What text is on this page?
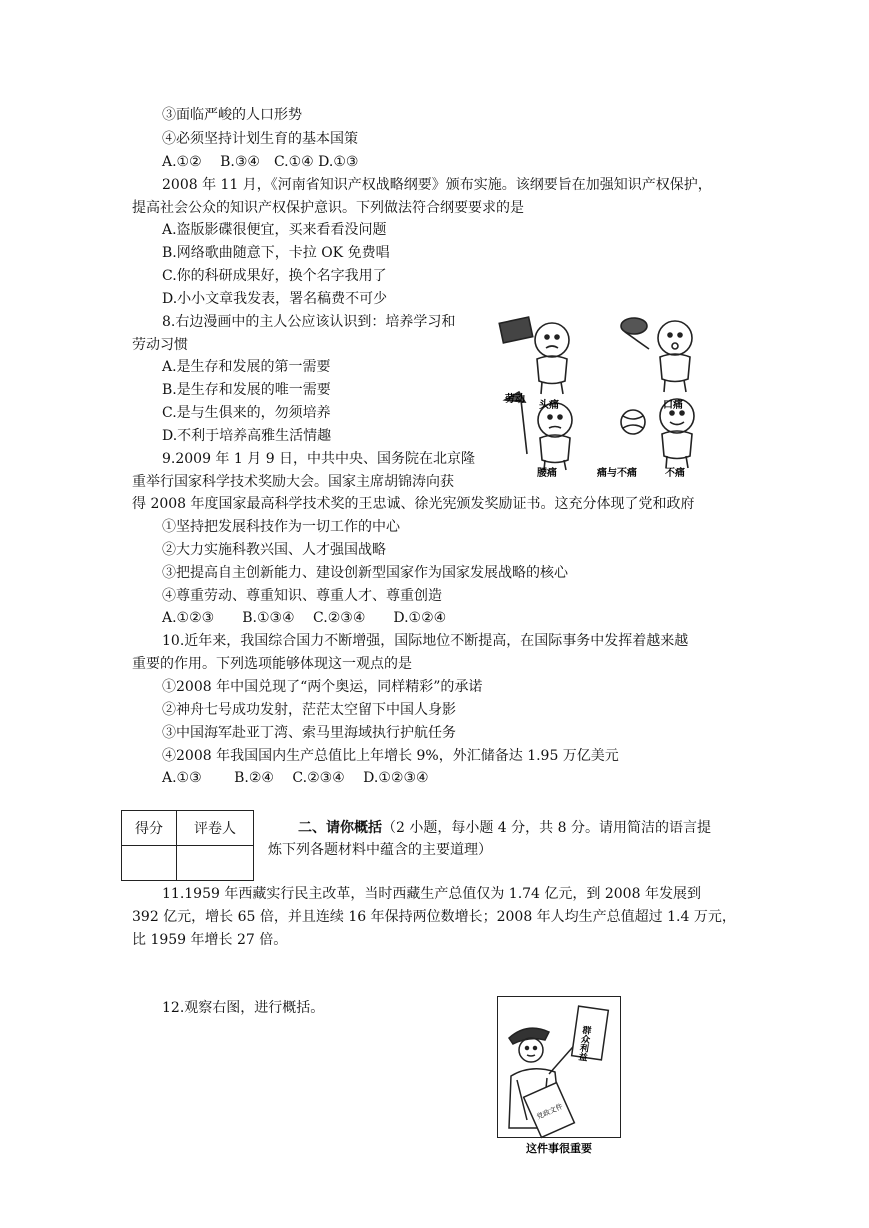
③面临严峻的人口形势
④必须坚持计划生育的基本国策
A.①②　 B.③④　C.①④ D.①③
2008 年 11 月，《河南省知识产权战略纲要》颁布实施。该纲要旨在加强知识产权保护，
提高社会公众的知识产权保护意识。下列做法符合纲要要求的是
A.盗版影碟很便宜，买来看看没问题
B.网络歌曲随意下，卡拉 OK 免费唱
C.你的科研成果好，换个名字我用了
D.小小文章我发表，署名稿费不可少
8.右边漫画中的主人公应该认识到：培养学习和
劳动习惯
A.是生存和发展的第一需要
B.是生存和发展的唯一需要
C.是与生俱来的，勿须培养
D.不利于培养高雅生活情趣
劳动
头痛	口痛
腰痛	痛与不痛	不痛
9.2009 年 1 月 9 日，中共中央、国务院在北京隆
重举行国家科学技术奖励大会。国家主席胡锦涛向获
得 2008 年度国家最高科学技术奖的王忠诚、徐光宪颁发奖励证书。这充分体现了党和政府
①坚持把发展科技作为一切工作的中心
②大力实施科教兴国、人才强国战略
③把提高自主创新能力、建设创新型国家作为国家发展战略的核心
④尊重劳动、尊重知识、尊重人才、尊重创造
A.①②③　　B.①③④　 C.②③④　　D.①②④
10.近年来，我国综合国力不断增强，国际地位不断提高，在国际事务中发挥着越来越
重要的作用。下列选项能够体现这一观点的是
①2008 年中国兑现了“两个奥运，同样精彩”的承诺
②神舟七号成功发射，茫茫太空留下中国人身影
③中国海军赴亚丁湾、索马里海域执行护航任务
④2008 年我国国内生产总值比上年增长 9%，外汇储备达 1.95 万亿美元
A.①③　　 B.②④　 C.②③④　 D.①②③④
得分	评卷人
		二、请你概括（2 小题，每小题 4 分，共 8 分。请用简洁的语言提
炼下列各题材料中蕴含的主要道理）
11.1959 年西藏实行民主改革，当时西藏生产总值仅为 1.74 亿元，到 2008 年发展到
392 亿元，增长 65 倍，并且连续 16 年保持两位数增长；2008 年人均生产总值超过 1.4 万元，
比 1959 年增长 27 倍。
12.观察右图，进行概括。
群众利益
党政文件
这件事很重要
